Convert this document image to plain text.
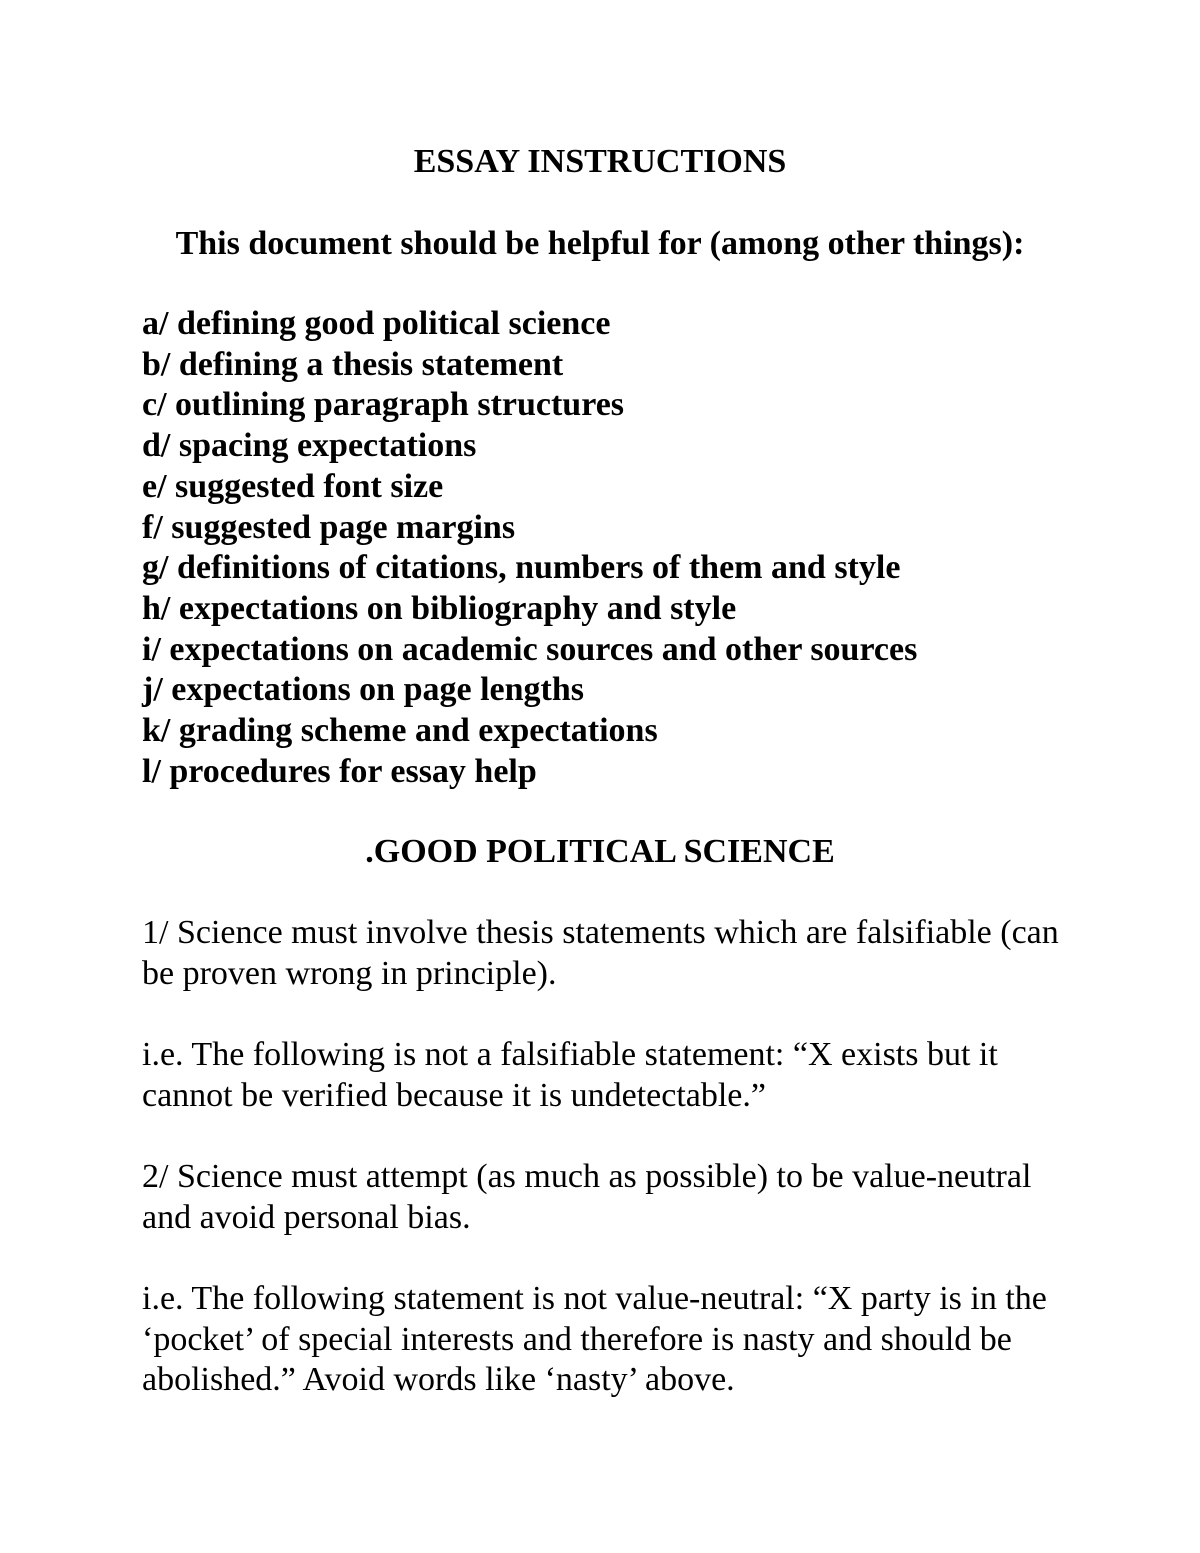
ESSAY INSTRUCTIONS
This document should be helpful for (among other things):
a/ defining good political science
b/ defining a thesis statement
c/ outlining paragraph structures
d/ spacing expectations
e/ suggested font size
f/ suggested page margins
g/ definitions of citations, numbers of them and style
h/ expectations on bibliography and style
i/ expectations on academic sources and other sources
j/ expectations on page lengths
k/ grading scheme and expectations
l/ procedures for essay help
.GOOD POLITICAL SCIENCE

1/ Science must involve thesis statements which are falsifiable (can be proven wrong in principle).

i.e. The following is not a falsifiable statement: “X exists but it cannot be verified because it is undetectable.”

2/ Science must attempt (as much as possible) to be value-neutral and avoid personal bias.

i.e. The following statement is not value-neutral: “X party is in the ‘pocket’ of special interests and therefore is nasty and should be abolished.” Avoid words like ‘nasty’ above.
